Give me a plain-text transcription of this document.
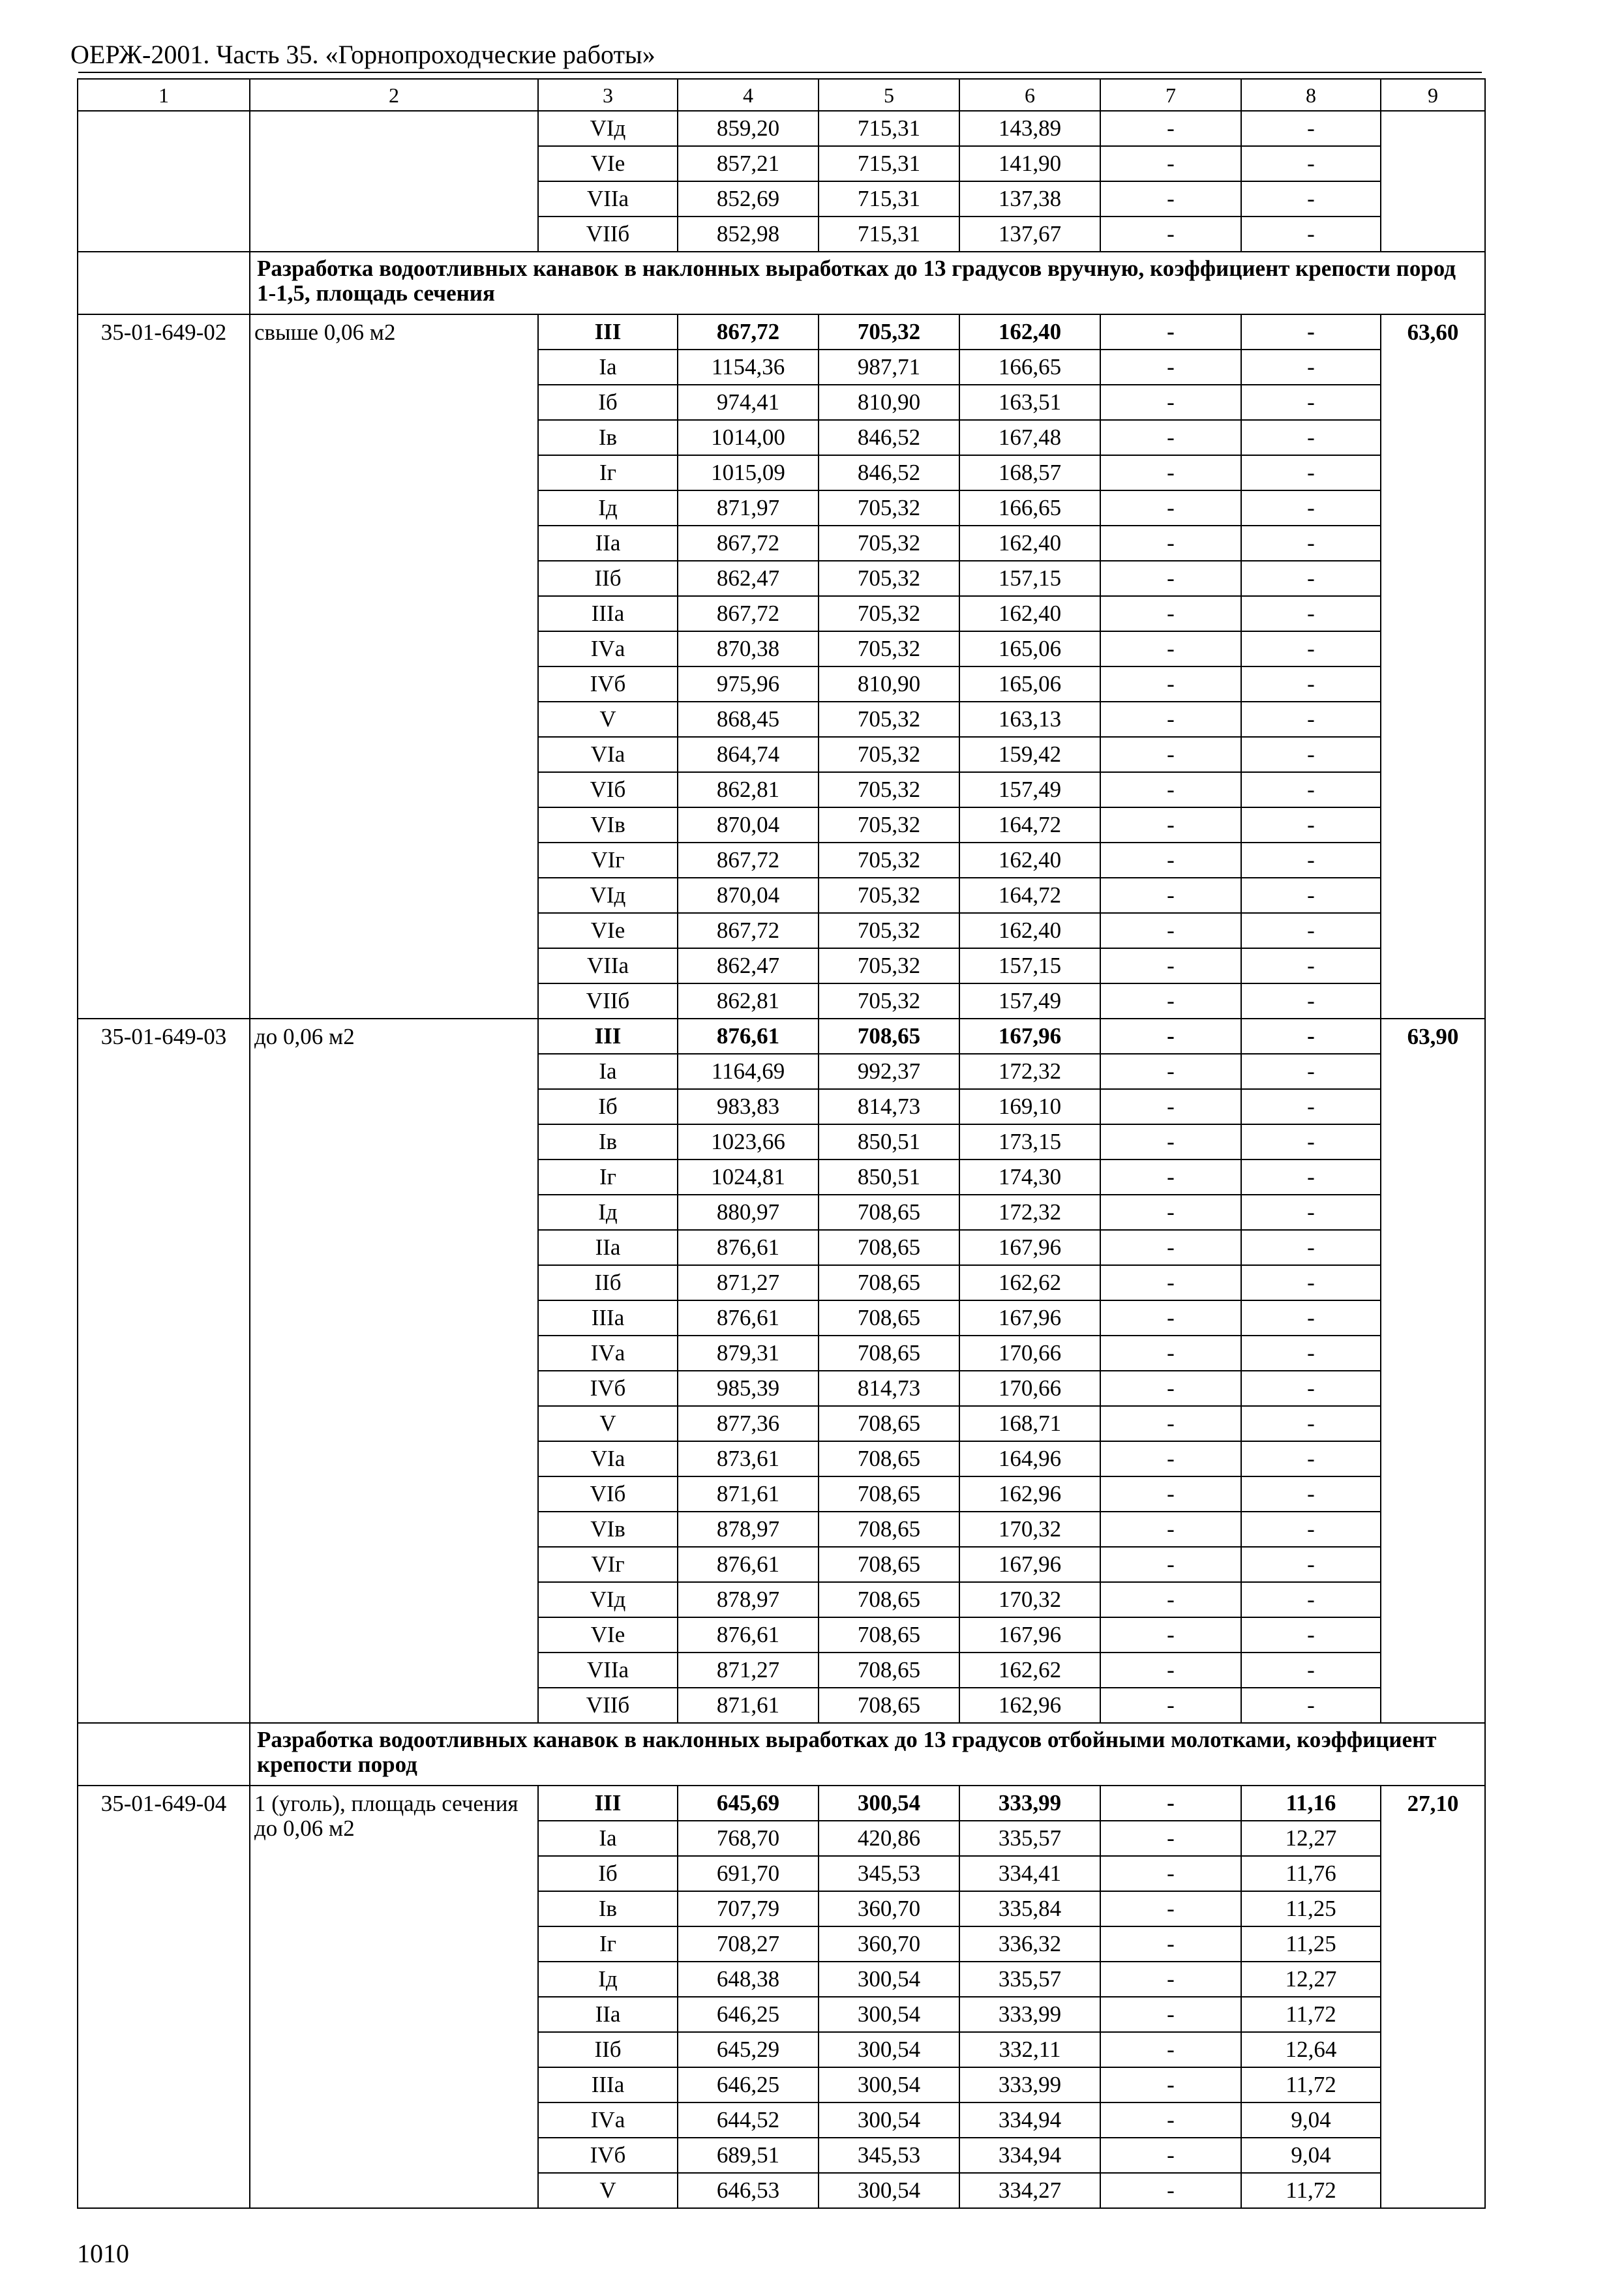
ОЕРЖ-2001. Часть 35. «Горнопроходческие работы»
1	2	3	4	5	6	7	8	9
		VIд	859,20	715,31	143,89	-	-	
		VIе	857,21	715,31	141,90	-	-	
		VIIа	852,69	715,31	137,38	-	-	
		VIIб	852,98	715,31	137,67	-	-	
	Разработка водоотливных канавок в наклонных выработках до 13 градусов вручную, коэффициент крепости пород 1-1,5, площадь сечения							
35-01-649-02	свыше 0,06 м2	III	867,72	705,32	162,40	-	-	63,60
		Iа	1154,36	987,71	166,65	-	-	
		Iб	974,41	810,90	163,51	-	-	
		Iв	1014,00	846,52	167,48	-	-	
		Iг	1015,09	846,52	168,57	-	-	
		Iд	871,97	705,32	166,65	-	-	
		IIа	867,72	705,32	162,40	-	-	
		IIб	862,47	705,32	157,15	-	-	
		IIIа	867,72	705,32	162,40	-	-	
		IVа	870,38	705,32	165,06	-	-	
		IVб	975,96	810,90	165,06	-	-	
		V	868,45	705,32	163,13	-	-	
		VIа	864,74	705,32	159,42	-	-	
		VIб	862,81	705,32	157,49	-	-	
		VIв	870,04	705,32	164,72	-	-	
		VIг	867,72	705,32	162,40	-	-	
		VIд	870,04	705,32	164,72	-	-	
		VIе	867,72	705,32	162,40	-	-	
		VIIа	862,47	705,32	157,15	-	-	
		VIIб	862,81	705,32	157,49	-	-	
35-01-649-03	до 0,06 м2	III	876,61	708,65	167,96	-	-	63,90
		Iа	1164,69	992,37	172,32	-	-	
		Iб	983,83	814,73	169,10	-	-	
		Iв	1023,66	850,51	173,15	-	-	
		Iг	1024,81	850,51	174,30	-	-	
		Iд	880,97	708,65	172,32	-	-	
		IIа	876,61	708,65	167,96	-	-	
		IIб	871,27	708,65	162,62	-	-	
		IIIа	876,61	708,65	167,96	-	-	
		IVа	879,31	708,65	170,66	-	-	
		IVб	985,39	814,73	170,66	-	-	
		V	877,36	708,65	168,71	-	-	
		VIа	873,61	708,65	164,96	-	-	
		VIб	871,61	708,65	162,96	-	-	
		VIв	878,97	708,65	170,32	-	-	
		VIг	876,61	708,65	167,96	-	-	
		VIд	878,97	708,65	170,32	-	-	
		VIе	876,61	708,65	167,96	-	-	
		VIIа	871,27	708,65	162,62	-	-	
		VIIб	871,61	708,65	162,96	-	-	
	Разработка водоотливных канавок в наклонных выработках до 13 градусов отбойными молотками, коэффициент крепости пород							
35-01-649-04	1 (уголь), площадь сечения до 0,06 м2	III	645,69	300,54	333,99	-	11,16	27,10
		Iа	768,70	420,86	335,57	-	12,27	
		Iб	691,70	345,53	334,41	-	11,76	
		Iв	707,79	360,70	335,84	-	11,25	
		Iг	708,27	360,70	336,32	-	11,25	
		Iд	648,38	300,54	335,57	-	12,27	
		IIа	646,25	300,54	333,99	-	11,72	
		IIб	645,29	300,54	332,11	-	12,64	
		IIIа	646,25	300,54	333,99	-	11,72	
		IVа	644,52	300,54	334,94	-	9,04	
		IVб	689,51	345,53	334,94	-	9,04	
		V	646,53	300,54	334,27	-	11,72	
1010
